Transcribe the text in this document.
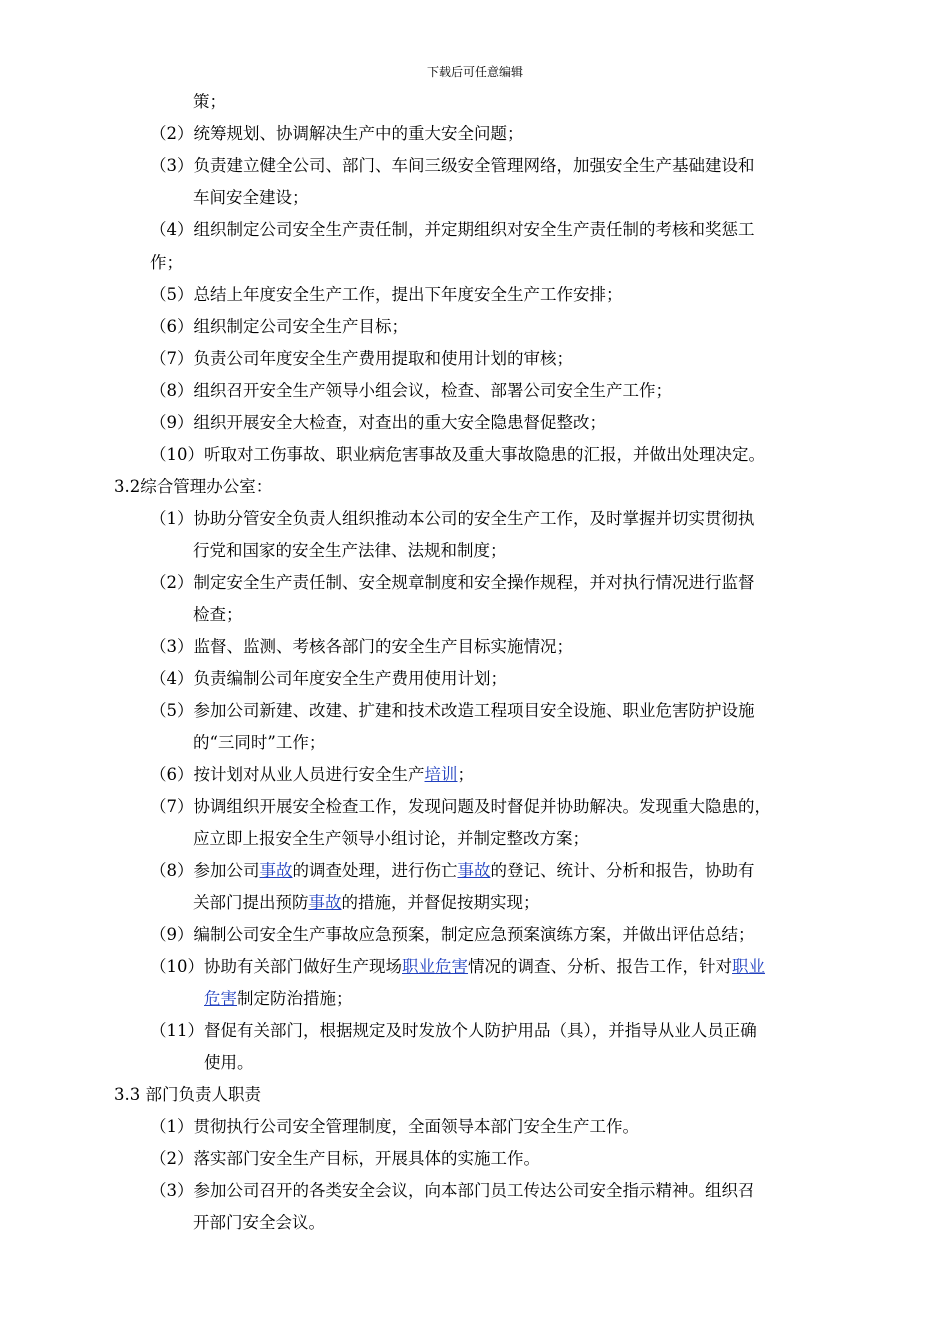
下载后可任意编辑
策；
（2）统筹规划、协调解决生产中的重大安全问题；
（3）负责建立健全公司、部门、车间三级安全管理网络，加强安全生产基础建设和
车间安全建设；
（4）组织制定公司安全生产责任制，并定期组织对安全生产责任制的考核和奖惩工
作；
（5）总结上年度安全生产工作，提出下年度安全生产工作安排；
（6）组织制定公司安全生产目标；
（7）负责公司年度安全生产费用提取和使用计划的审核；
（8）组织召开安全生产领导小组会议，检查、部署公司安全生产工作；
（9）组织开展安全大检查，对查出的重大安全隐患督促整改；
（10）听取对工伤事故、职业病危害事故及重大事故隐患的汇报，并做出处理决定。
3.2综合管理办公室：
（1）协助分管安全负责人组织推动本公司的安全生产工作，及时掌握并切实贯彻执
行党和国家的安全生产法律、法规和制度；
（2）制定安全生产责任制、安全规章制度和安全操作规程，并对执行情况进行监督
检查；
（3）监督、监测、考核各部门的安全生产目标实施情况；
（4）负责编制公司年度安全生产费用使用计划；
（5）参加公司新建、改建、扩建和技术改造工程项目安全设施、职业危害防护设施
的“三同时”工作；
（6）按计划对从业人员进行安全生产培训；
（7）协调组织开展安全检查工作，发现问题及时督促并协助解决。发现重大隐患的，
应立即上报安全生产领导小组讨论，并制定整改方案；
（8）参加公司事故的调查处理，进行伤亡事故的登记、统计、分析和报告，协助有
关部门提出预防事故的措施，并督促按期实现；
（9）编制公司安全生产事故应急预案，制定应急预案演练方案，并做出评估总结；
（10）协助有关部门做好生产现场职业危害情况的调查、分析、报告工作，针对职业
危害制定防治措施；
（11）督促有关部门，根据规定及时发放个人防护用品（具），并指导从业人员正确
使用。
3.3 部门负责人职责
（1）贯彻执行公司安全管理制度，全面领导本部门安全生产工作。
（2）落实部门安全生产目标，开展具体的实施工作。
（3）参加公司召开的各类安全会议，向本部门员工传达公司安全指示精神。组织召
开部门安全会议。
